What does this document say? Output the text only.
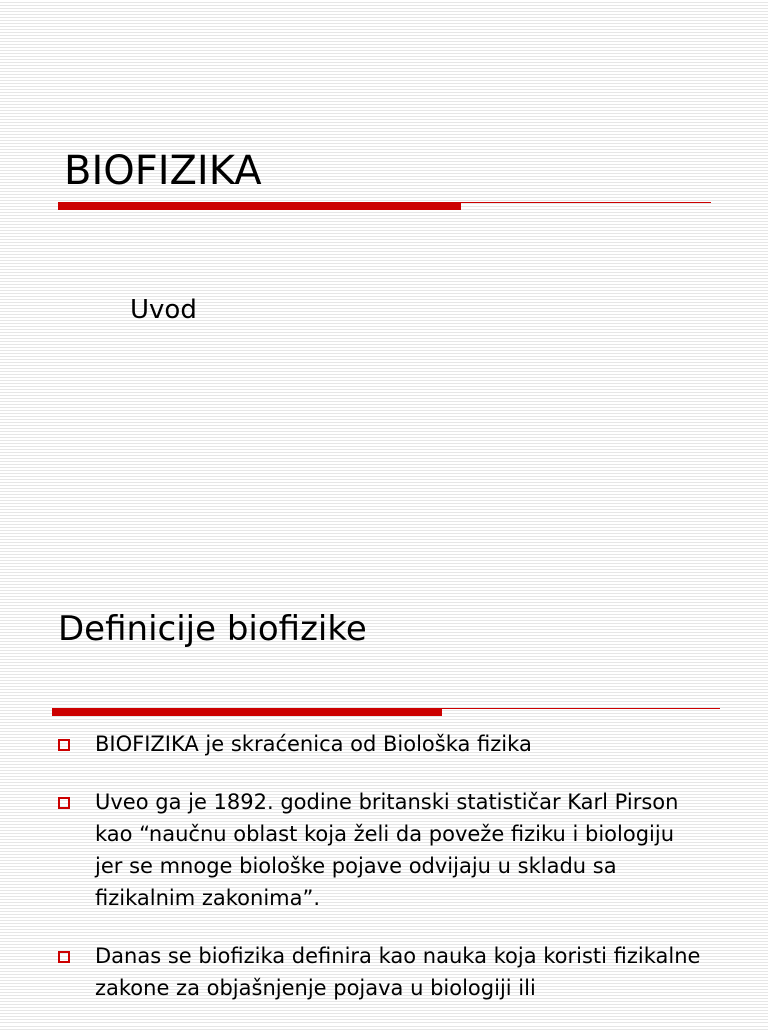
BIOFIZIKA
Uvod
Definicije biofizike
BIOFIZIKA je skraćenica od Biološka fizika
Uveo ga je 1892. godine britanski statističar Karl Pirson kao “naučnu oblast koja želi da poveže fiziku i biologiju jer se mnoge biološke pojave odvijaju u skladu sa fizikalnim zakonima”.
Danas se biofizika definira kao nauka koja koristi fizikalne zakone za objašnjenje pojava u biologiji ili
